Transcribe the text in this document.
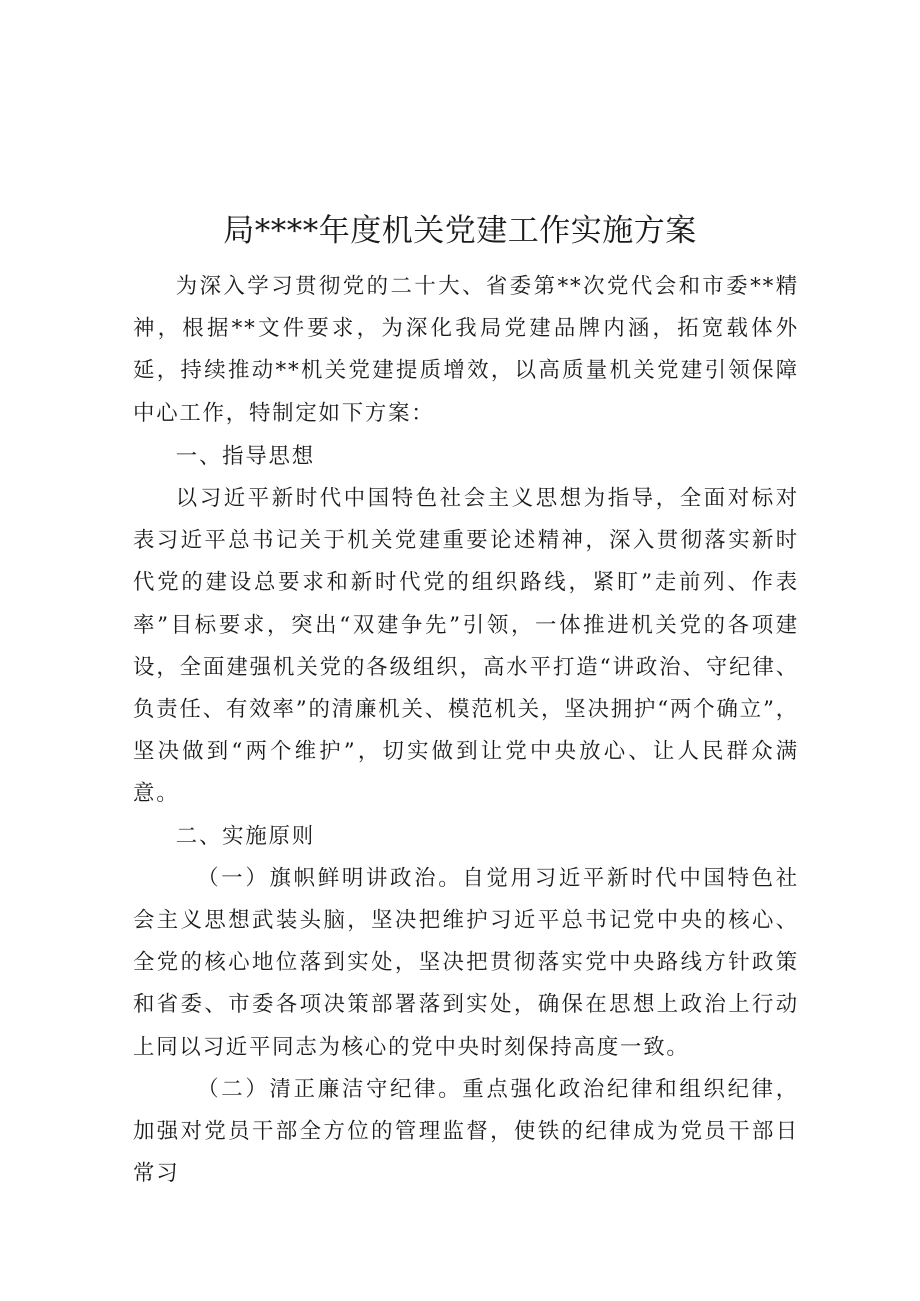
局****年度机关党建工作实施方案

为深入学习贯彻党的二十大、省委第**次党代会和市委**精神，根据**文件要求，为深化我局党建品牌内涵，拓宽载体外延，持续推动**机关党建提质增效，以高质量机关党建引领保障中心工作，特制定如下方案：

一、指导思想

以习近平新时代中国特色社会主义思想为指导，全面对标对表习近平总书记关于机关党建重要论述精神，深入贯彻落实新时代党的建设总要求和新时代党的组织路线，紧盯”走前列、作表率”目标要求，突出“双建争先”引领，一体推进机关党的各项建设，全面建强机关党的各级组织，高水平打造“讲政治、守纪律、负责任、有效率”的清廉机关、模范机关，坚决拥护“两个确立”，坚决做到“两个维护”，切实做到让党中央放心、让人民群众满意。

二、实施原则

（一）旗帜鲜明讲政治。自觉用习近平新时代中国特色社会主义思想武装头脑，坚决把维护习近平总书记党中央的核心、全党的核心地位落到实处，坚决把贯彻落实党中央路线方针政策和省委、市委各项决策部署落到实处，确保在思想上政治上行动上同以习近平同志为核心的党中央时刻保持高度一致。

（二）清正廉洁守纪律。重点强化政治纪律和组织纪律，加强对党员干部全方位的管理监督，使铁的纪律成为党员干部日常习
